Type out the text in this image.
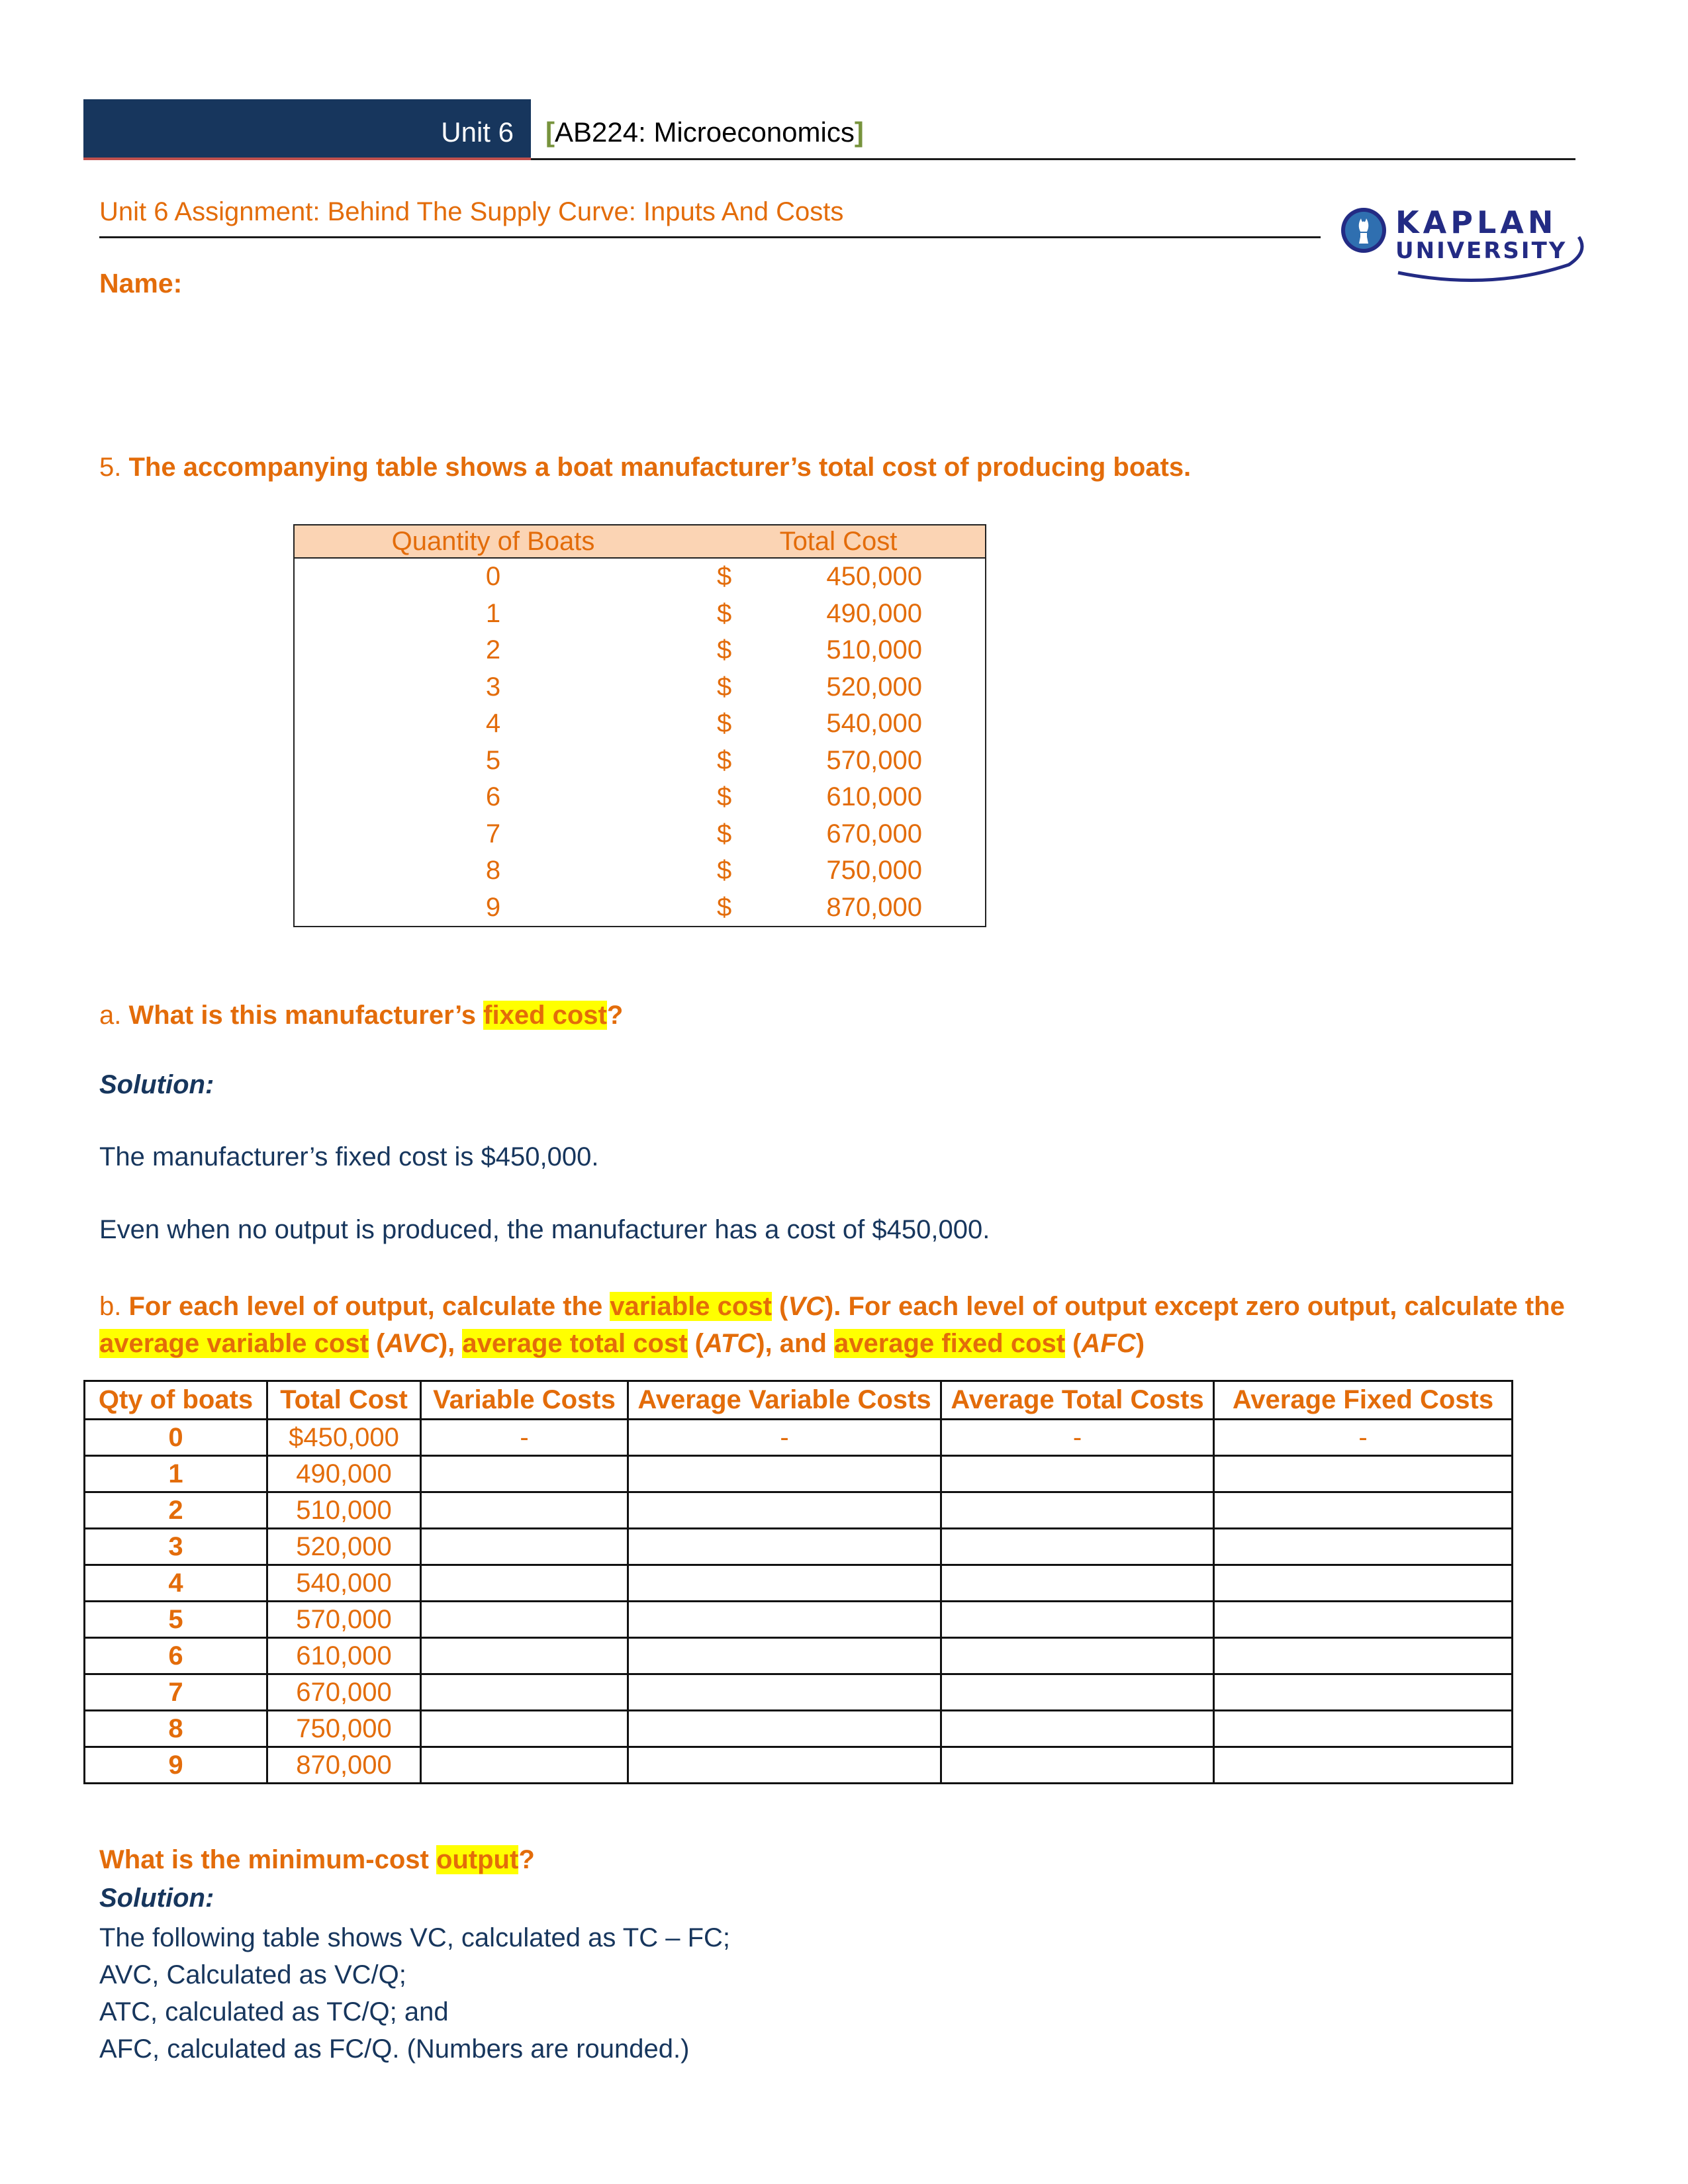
Unit 6 [AB224: Microeconomics]
Unit 6 Assignment: Behind The Supply Curve: Inputs And Costs
Name:
KAPLAN
UNIVERSITY
5. The accompanying table shows a boat manufacturer’s total cost of producing boats.
Quantity of Boats	Total Cost	
0	$	450,000
1	$	490,000
2	$	510,000
3	$	520,000
4	$	540,000
5	$	570,000
6	$	610,000
7	$	670,000
8	$	750,000
9	$	870,000
a. What is this manufacturer’s fixed cost?
Solution:
The manufacturer’s fixed cost is $450,000.
Even when no output is produced, the manufacturer has a cost of $450,000.
b. For each level of output, calculate the variable cost (VC). For each level of output except zero output, calculate the average variable cost (AVC), average total cost (ATC), and average fixed cost (AFC)
Qty of boats	Total Cost	Variable Costs	Average Variable Costs	Average Total Costs	Average Fixed Costs
0	$450,000	-	-	-	-
1	490,000				
2	510,000				
3	520,000				
4	540,000				
5	570,000				
6	610,000				
7	670,000				
8	750,000				
9	870,000				
What is the minimum-cost output?
Solution:
The following table shows VC, calculated as TC – FC;
AVC, Calculated as VC/Q;
ATC, calculated as TC/Q; and
AFC, calculated as FC/Q. (Numbers are rounded.)
